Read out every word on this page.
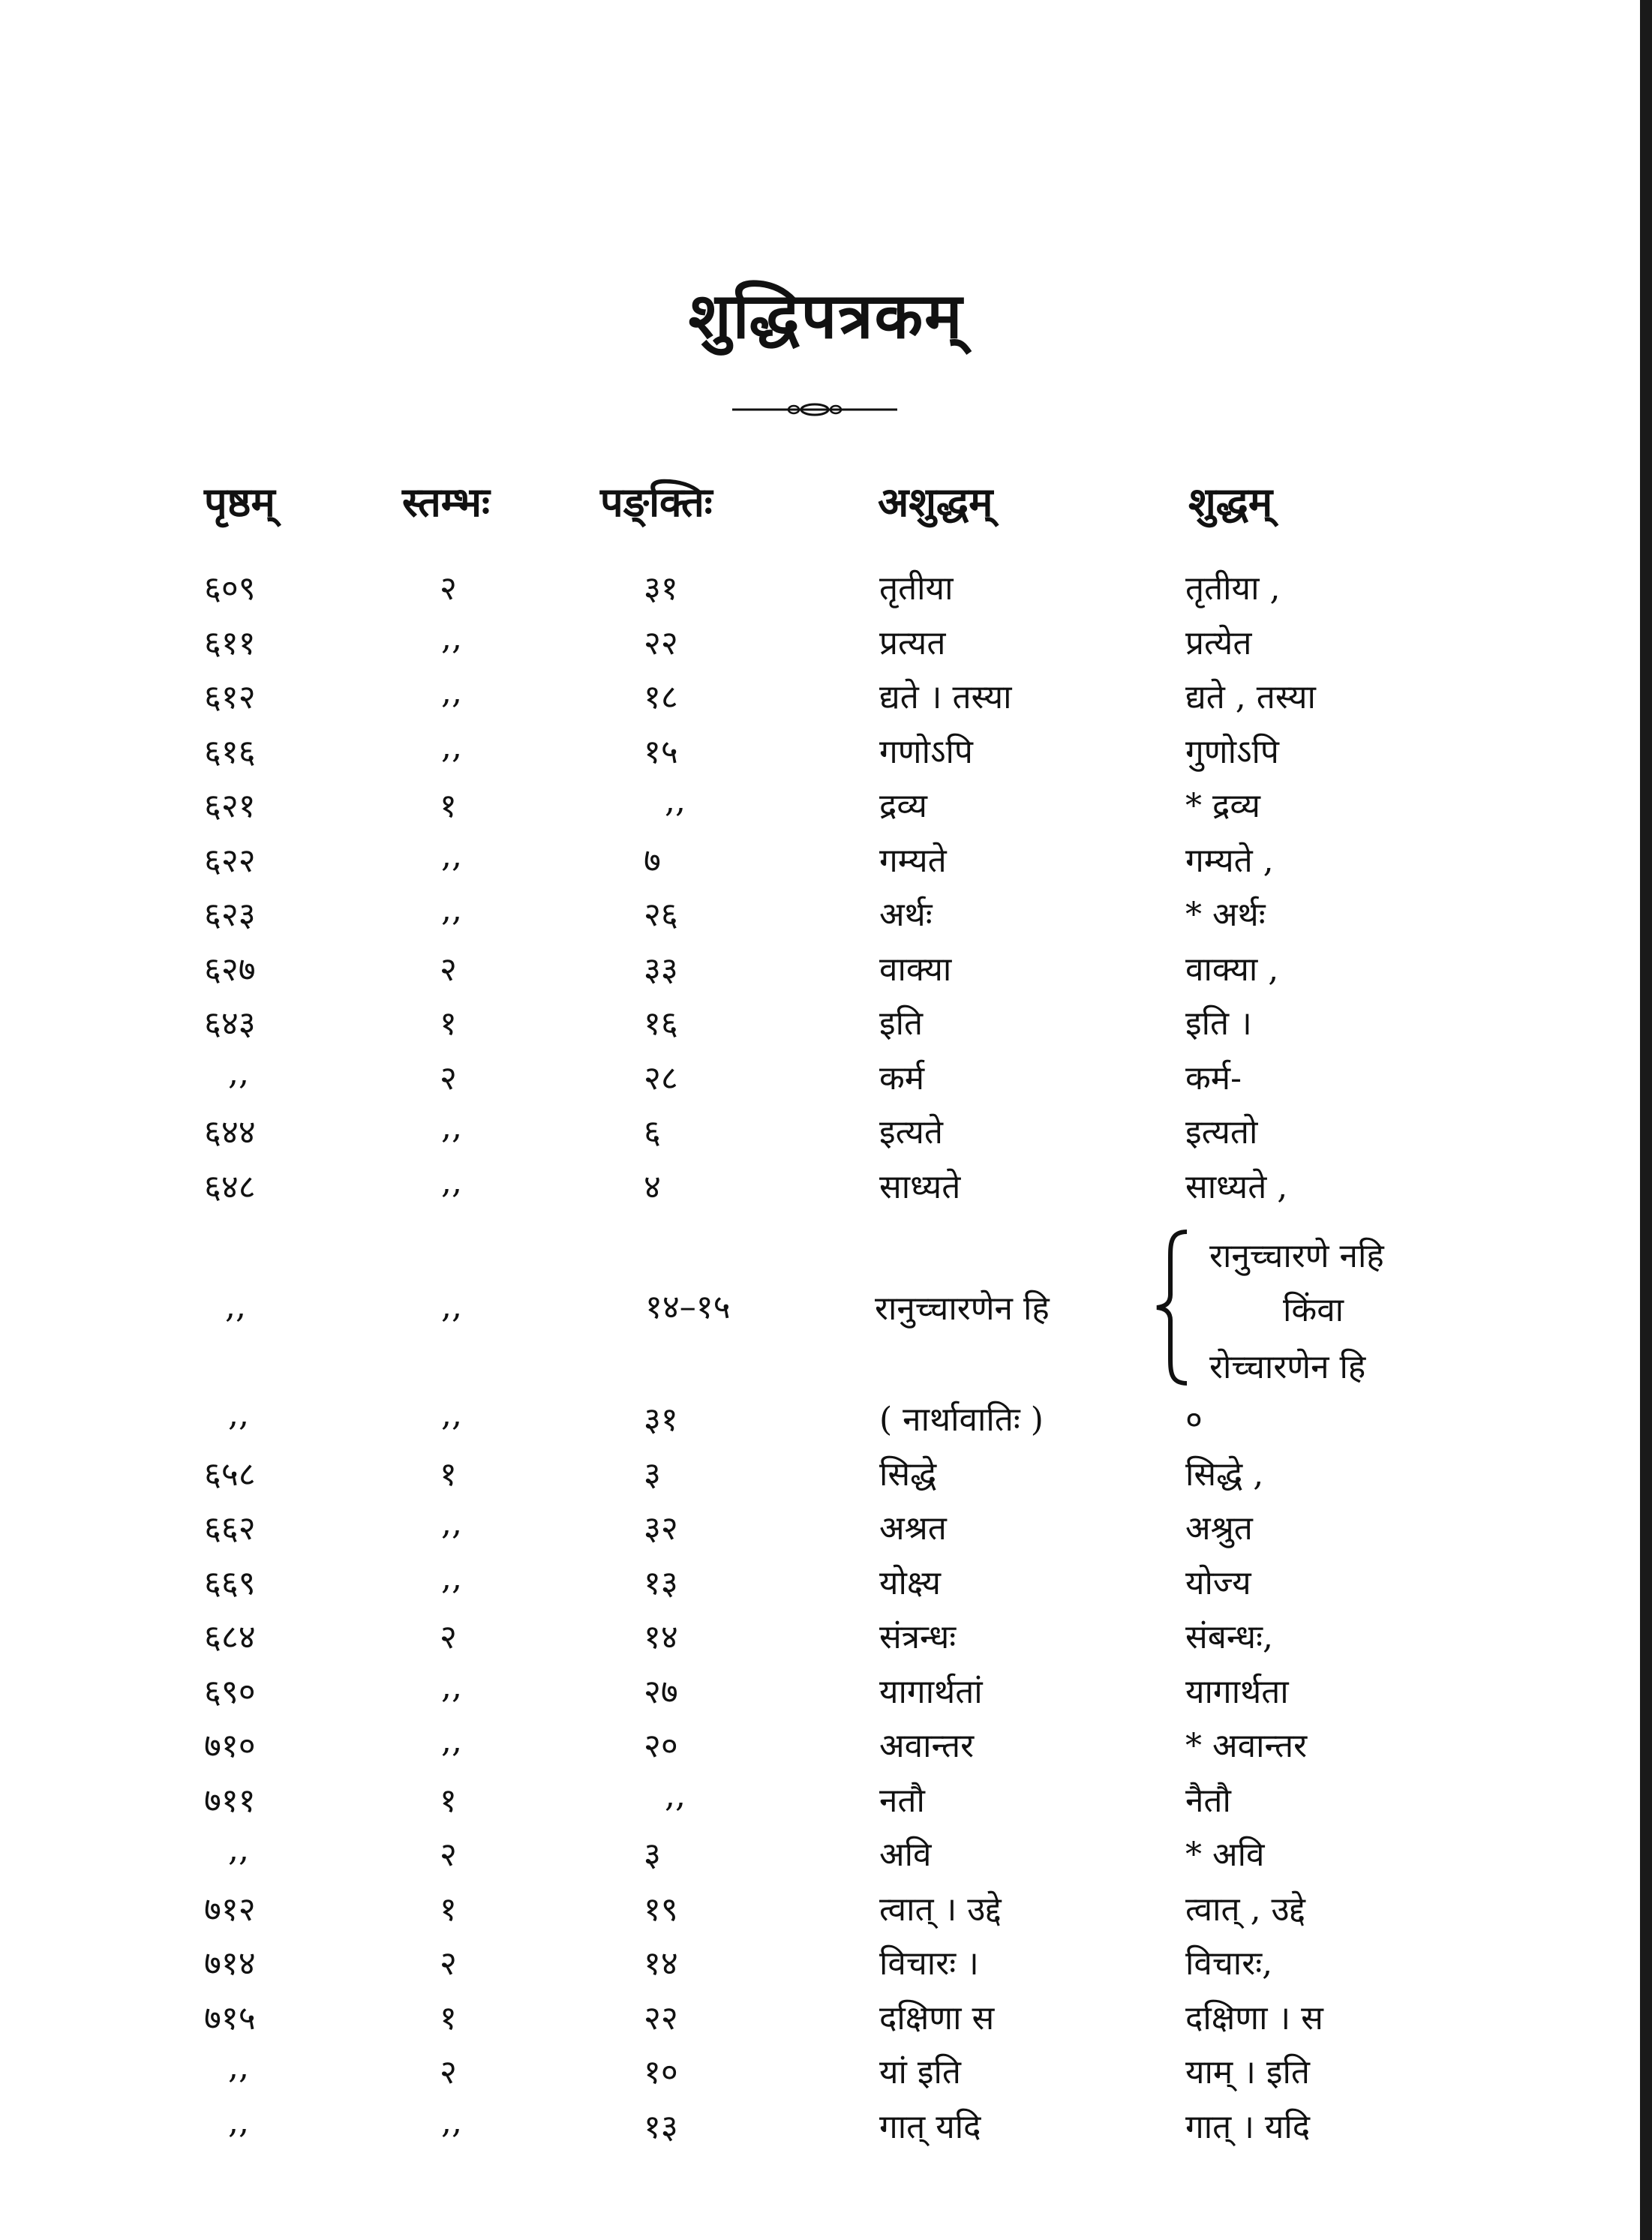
शुद्धिपत्रकम्
पृष्ठम्	स्तम्भः	पङ्क्तिः	अशुद्धम्	शुद्धम्
६०९	२	३१	तृतीया	तृतीया ,
६११	,,	२२	प्रत्यत	प्रत्येत
६१२	,,	१८	द्यते । तस्या	द्यते , तस्या
६१६	,,	१५	गणोऽपि	गुणोऽपि
६२१	१	,,	द्रव्य	* द्रव्य
६२२	,,	७	गम्यते	गम्यते ,
६२३	,,	२६	अर्थः	* अर्थः
६२७	२	३३	वाक्या	वाक्या ,
६४३	१	१६	इति	इति ।
,,	२	२८	कर्म	कर्म-
६४४	,,	६	इत्यते	इत्यतो
६४८	,,	४	साध्यते	साध्यते ,
,,	,,	१४–१५	रानुच्चारणेन हि
रानुच्चारणे नहि
किंवा
रोच्चारणेन हि
,,	,,	३१	( नार्थावातिः )	०
६५८	१	३	सिद्धे	सिद्धे ,
६६२	,,	३२	अश्रत	अश्रुत
६६९	,,	१३	योक्ष्य	योज्य
६८४	२	१४	संत्रन्धः	संबन्धः,
६९०	,,	२७	यागार्थतां	यागार्थता
७१०	,,	२०	अवान्तर	* अवान्तर
७११	१	,,	नतौ	नैतौ
,,	२	३	अवि	* अवि
७१२	१	१९	त्वात् । उद्दे	त्वात् , उद्दे
७१४	२	१४	विचारः ।	विचारः,
७१५	१	२२	दक्षिणा स	दक्षिणा । स
,,	२	१०	यां इति	याम् । इति
,,	,,	१३	गात् यदि	गात् । यदि
